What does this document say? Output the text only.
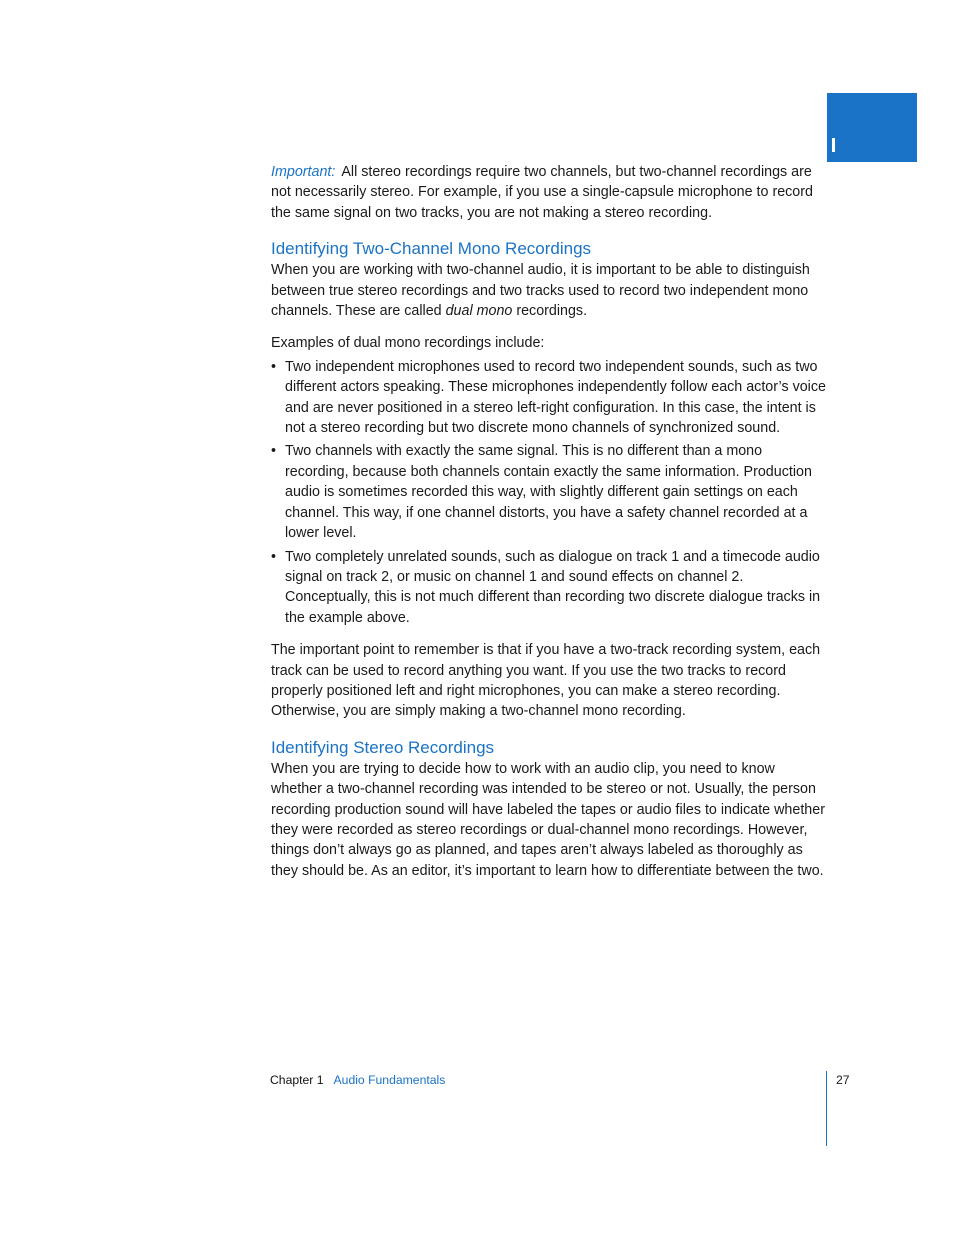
Important: All stereo recordings require two channels, but two-channel recordings are not necessarily stereo. For example, if you use a single-capsule microphone to record the same signal on two tracks, you are not making a stereo recording.

Identifying Two-Channel Mono Recordings

When you are working with two-channel audio, it is important to be able to distinguish between true stereo recordings and two tracks used to record two independent mono channels. These are called dual mono recordings.

Examples of dual mono recordings include:

• Two independent microphones used to record two independent sounds, such as two different actors speaking. These microphones independently follow each actor’s voice and are never positioned in a stereo left-right configuration. In this case, the intent is not a stereo recording but two discrete mono channels of synchronized sound.
• Two channels with exactly the same signal. This is no different than a mono recording, because both channels contain exactly the same information. Production audio is sometimes recorded this way, with slightly different gain settings on each channel. This way, if one channel distorts, you have a safety channel recorded at a lower level.
• Two completely unrelated sounds, such as dialogue on track 1 and a timecode audio signal on track 2, or music on channel 1 and sound effects on channel 2. Conceptually, this is not much different than recording two discrete dialogue tracks in the example above.

The important point to remember is that if you have a two-track recording system, each track can be used to record anything you want. If you use the two tracks to record properly positioned left and right microphones, you can make a stereo recording. Otherwise, you are simply making a two-channel mono recording.

Identifying Stereo Recordings

When you are trying to decide how to work with an audio clip, you need to know whether a two-channel recording was intended to be stereo or not. Usually, the person recording production sound will have labeled the tapes or audio files to indicate whether they were recorded as stereo recordings or dual-channel mono recordings. However, things don’t always go as planned, and tapes aren’t always labeled as thoroughly as they should be. As an editor, it’s important to learn how to differentiate between the two.

Chapter 1 Audio Fundamentals	27
